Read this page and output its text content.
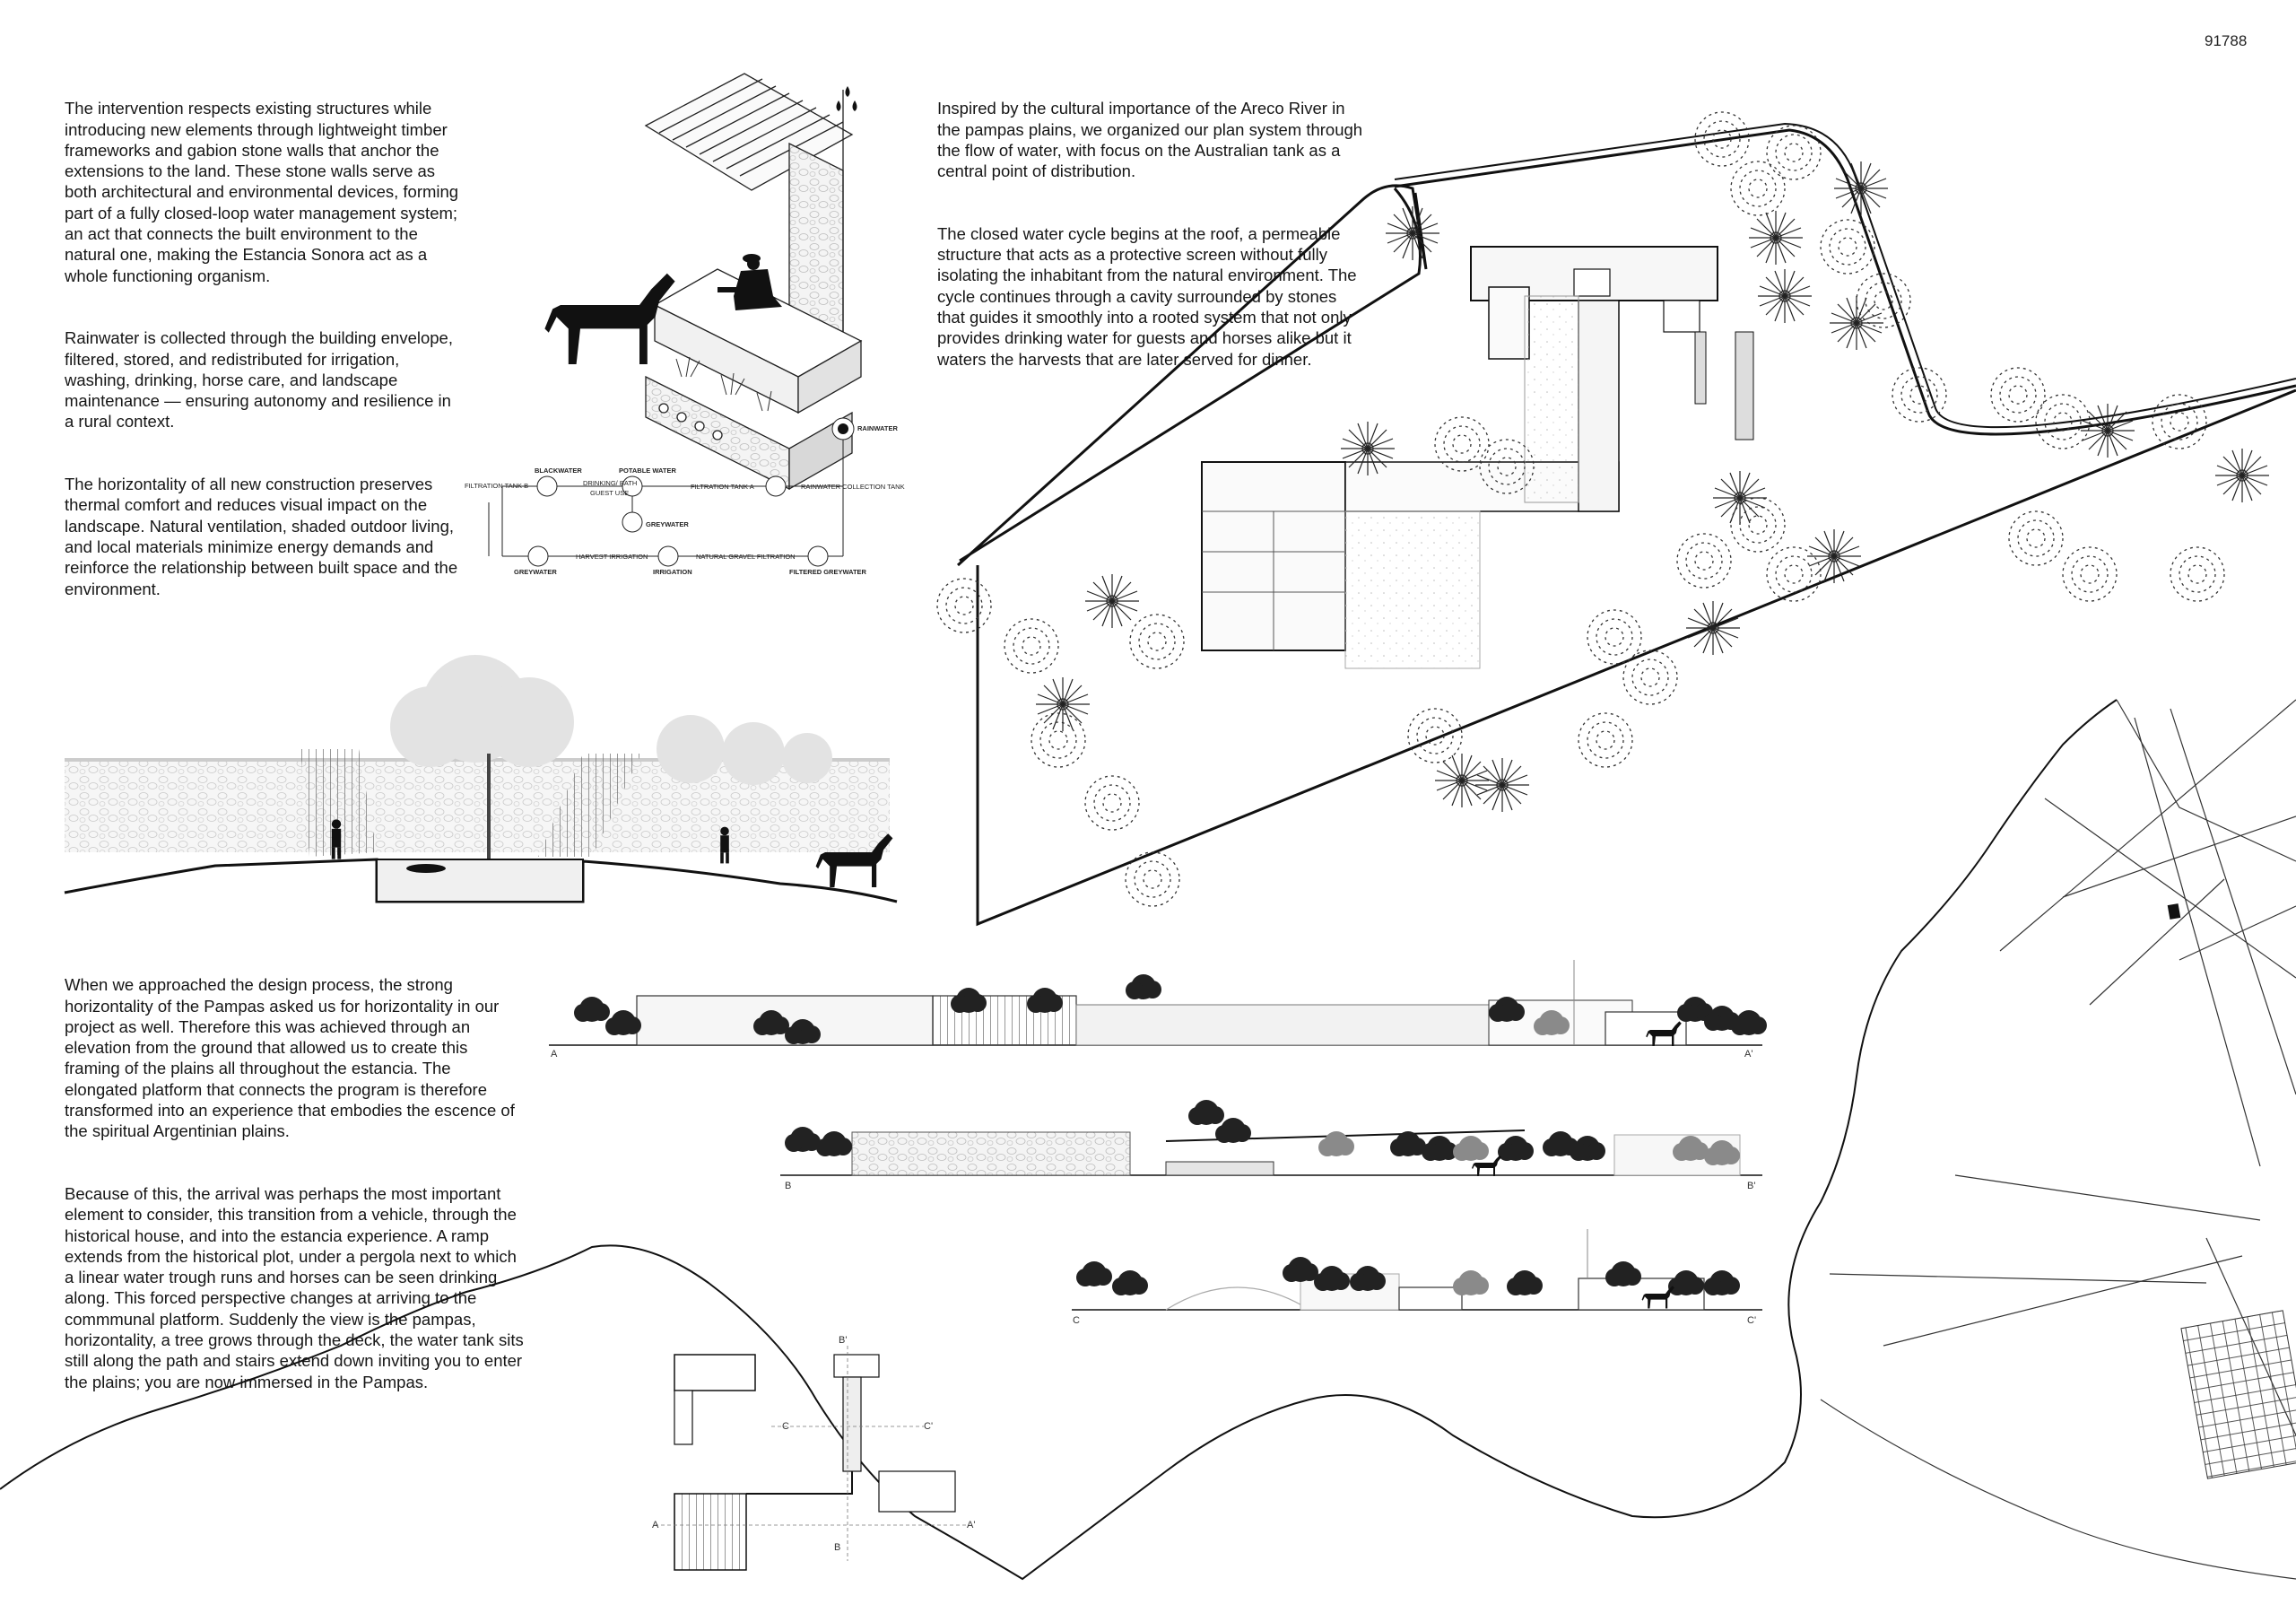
91788

The intervention respects existing structures while introducing new elements through lightweight timber frameworks and gabion stone walls that anchor the extensions to the land. These stone walls serve as both architectural and environmental devices, forming part of a fully closed-loop water management system; an act that connects the built environment to the natural one, making the Estancia Sonora act as a whole functioning organism.

Rainwater is collected through the building envelope, filtered, stored, and redistributed for irrigation, washing, drinking, horse care, and landscape maintenance — ensuring autonomy and resilience in a rural context.

The horizontality of all new construction preserves thermal comfort and reduces visual impact on the landscape. Natural ventilation, shaded outdoor living, and local materials minimize energy demands and reinforce the relationship between built space and the environment.

Inspired by the cultural importance of the Areco River in the pampas plains, we organized our plan system through the flow of water, with focus on the Australian tank as a central point of distribution.

The closed water cycle begins at the roof, a permeable structure that acts as a protective screen without fully isolating the inhabitant from the natural environment. The cycle continues through a cavity surrounded by stones that guides it smoothly into a rooted system that not only provides drinking water for guests and horses alike but it waters the harvests that are later served for dinner.

When we approached the design process, the strong horizontality of the Pampas asked us for horizontality in our project as well. Therefore this was achieved through an elevation from the ground that allowed us to create this framing of the plains all throughout the estancia. The elongated platform that connects the program is therefore transformed into an experience that embodies the escence of the spiritual Argentinian plains.

Because of this, the arrival was perhaps the most important element to consider, this transition from a vehicle, through the historical house, and into the estancia experience. A ramp extends from the historical plot, under a pergola next to which a linear water trough runs and horses can be seen drinking along. This forced perspective changes at arriving to the commmunal platform. Suddenly the view is the pampas, horizontality, a tree grows through the deck, the water tank sits still along the path and stairs extend down inviting you to enter the plains; you are now immersed in the Pampas.

RAINWATER
BLACKWATER	POTABLE WATER
FILTRATION TANK B	DRINKING/ BATH
GUEST USE
FILTRATION TANK A	RAINWATER COLLECTION TANK
GREYWATER
GREYWATER
HARVEST IRRIGATION
IRRIGATION
NATURAL GRAVEL FILTRATION
FILTERED GREYWATER
A	A'
B	B'
C	C'
B'
C	C'
A	A'
B
